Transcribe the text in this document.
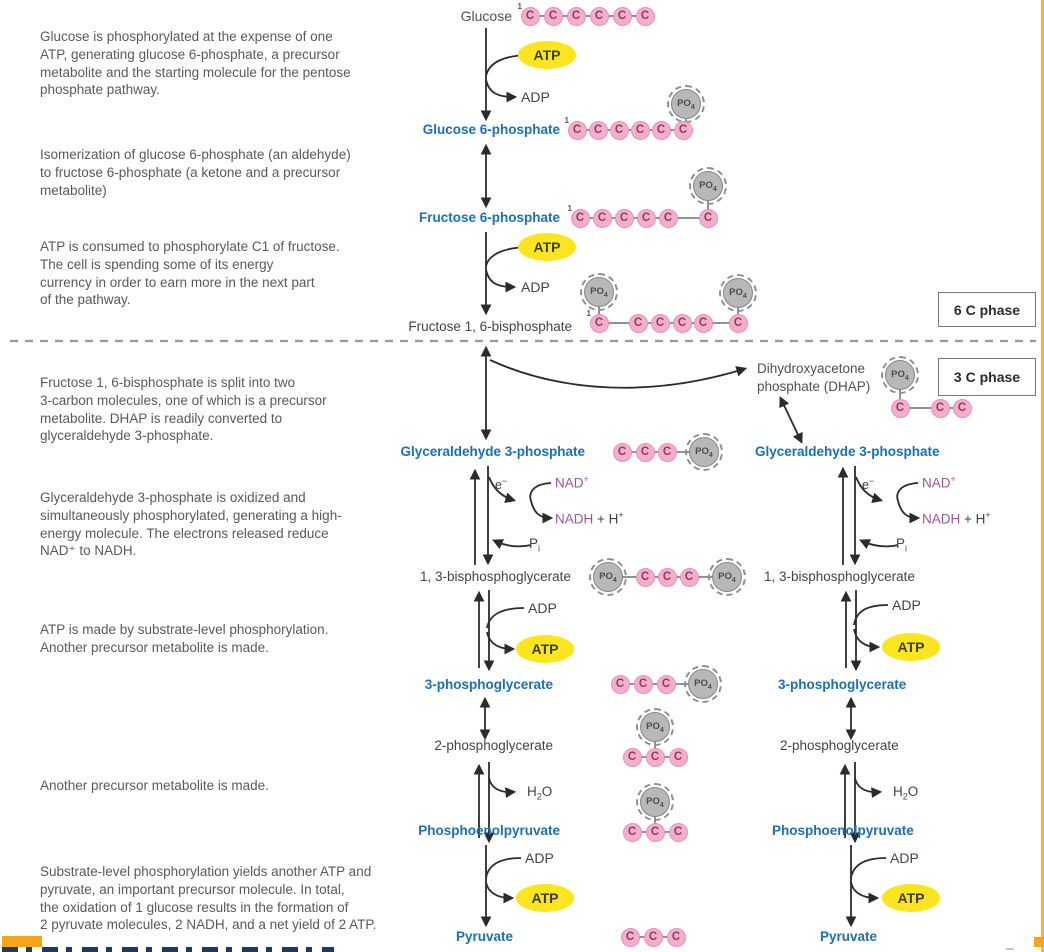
C
1
C	C	C	C	C
$PO_4$
C
1
C	C	C	C	C
$PO_4$
C
1
C	C	C	C	C
$PO_4$	$PO_4$
C
1
C	C	C	C	C
$PO_4$
C	C	C
$PO_4$
C	C	C
$PO_4$	$PO_4$
C	C	C
$PO_4$
C	C	C
$PO_4$
C	C	C
$PO_4$
C	C	C
C	C	C
Glucose is phosphorylated at the expense of one
ATP, generating glucose 6-phosphate, a precursor
metabolite and the starting molecule for the pentose
phosphate pathway.
Isomerization of glucose 6-phosphate (an aldehyde)
to fructose 6-phosphate (a ketone and a precursor
metabolite)
ATP is consumed to phosphorylate C1 of fructose.
The cell is spending some of its energy
currency in order to earn more in the next part
of the pathway.
Fructose 1, 6-bisphosphate is split into two
3-carbon molecules, one of which is a precursor
metabolite. DHAP is readily converted to
glyceraldehyde 3-phosphate.
Glyceraldehyde 3-phosphate is oxidized and
simultaneously phosphorylated, generating a high-
energy molecule. The electrons released reduce
NAD⁺ to NADH.
ATP is made by substrate-level phosphorylation.
Another precursor metabolite is made.
Another precursor metabolite is made.
Substrate-level phosphorylation yields another ATP and
pyruvate, an important precursor molecule. In total,
the oxidation of 1 glucose results in the formation of
2 pyruvate molecules, 2 NADH, and a net yield of 2 ATP.
Glucose
Glucose 6-phosphate
Fructose 6-phosphate
Fructose 1, 6-bisphosphate
Dihydroxyacetone
phosphate (DHAP)
Glyceraldehyde 3-phosphate	Glyceraldehyde 3-phosphate
1, 3-bisphosphoglycerate	1, 3-bisphosphoglycerate
3-phosphoglycerate	3-phosphoglycerate
2-phosphoglycerate	2-phosphoglycerate
Phosphoenolpyruvate	Phosphoenolpyruvate
Pyruvate	Pyruvate
ATP
ADP
ATP
ADP
ADP
ATP
ADP
ATP
ADP
ATP
ADP
ATP
e−	NAD+
NADH + H+
$P_i$
e−	NAD+
NADH + H+
$P_i$
$H_2O$	$H_2O$
6 C phase
3 C phase
